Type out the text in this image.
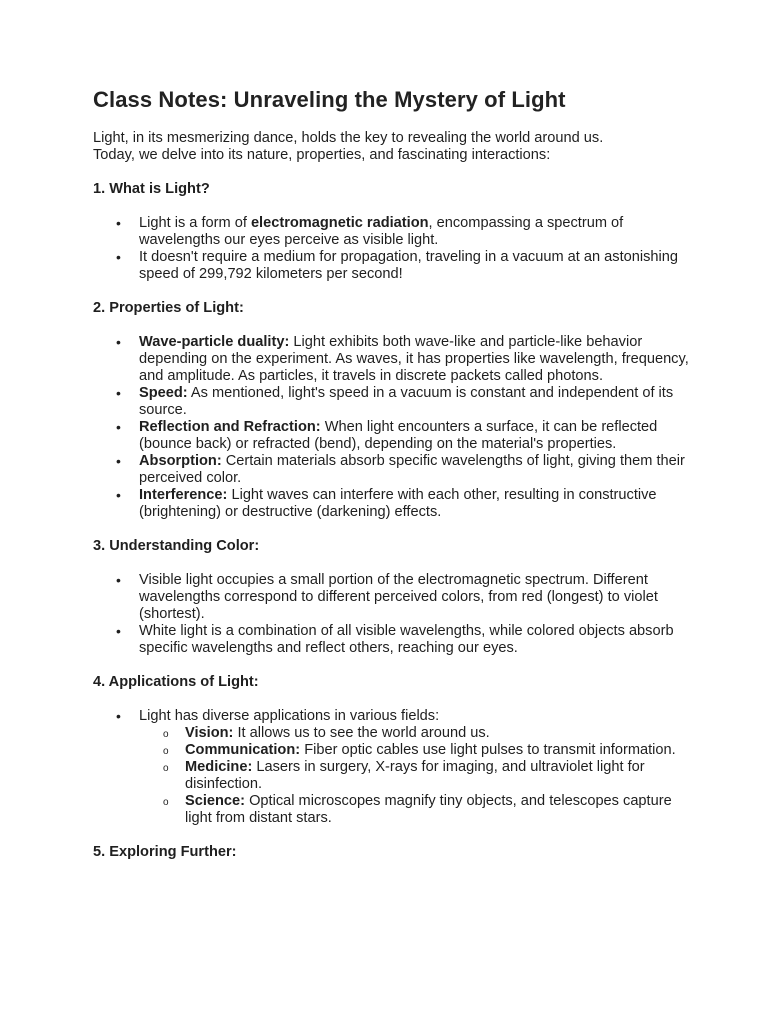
Class Notes: Unraveling the Mystery of Light

Light, in its mesmerizing dance, holds the key to revealing the world around us.
Today, we delve into its nature, properties, and fascinating interactions:

1. What is Light?
• Light is a form of electromagnetic radiation, encompassing a spectrum of wavelengths our eyes perceive as visible light.
• It doesn't require a medium for propagation, traveling in a vacuum at an astonishing speed of 299,792 kilometers per second!
2. Properties of Light:
• Wave-particle duality: Light exhibits both wave-like and particle-like behavior depending on the experiment. As waves, it has properties like wavelength, frequency, and amplitude. As particles, it travels in discrete packets called photons.
• Speed: As mentioned, light's speed in a vacuum is constant and independent of its source.
• Reflection and Refraction: When light encounters a surface, it can be reflected (bounce back) or refracted (bend), depending on the material's properties.
• Absorption: Certain materials absorb specific wavelengths of light, giving them their perceived color.
• Interference: Light waves can interfere with each other, resulting in constructive (brightening) or destructive (darkening) effects.
3. Understanding Color:
• Visible light occupies a small portion of the electromagnetic spectrum. Different wavelengths correspond to different perceived colors, from red (longest) to violet (shortest).
• White light is a combination of all visible wavelengths, while colored objects absorb specific wavelengths and reflect others, reaching our eyes.
4. Applications of Light:
• Light has diverse applications in various fields:
o Vision: It allows us to see the world around us.
o Communication: Fiber optic cables use light pulses to transmit information.
o Medicine: Lasers in surgery, X-rays for imaging, and ultraviolet light for disinfection.
o Science: Optical microscopes magnify tiny objects, and telescopes capture light from distant stars.
5. Exploring Further:
